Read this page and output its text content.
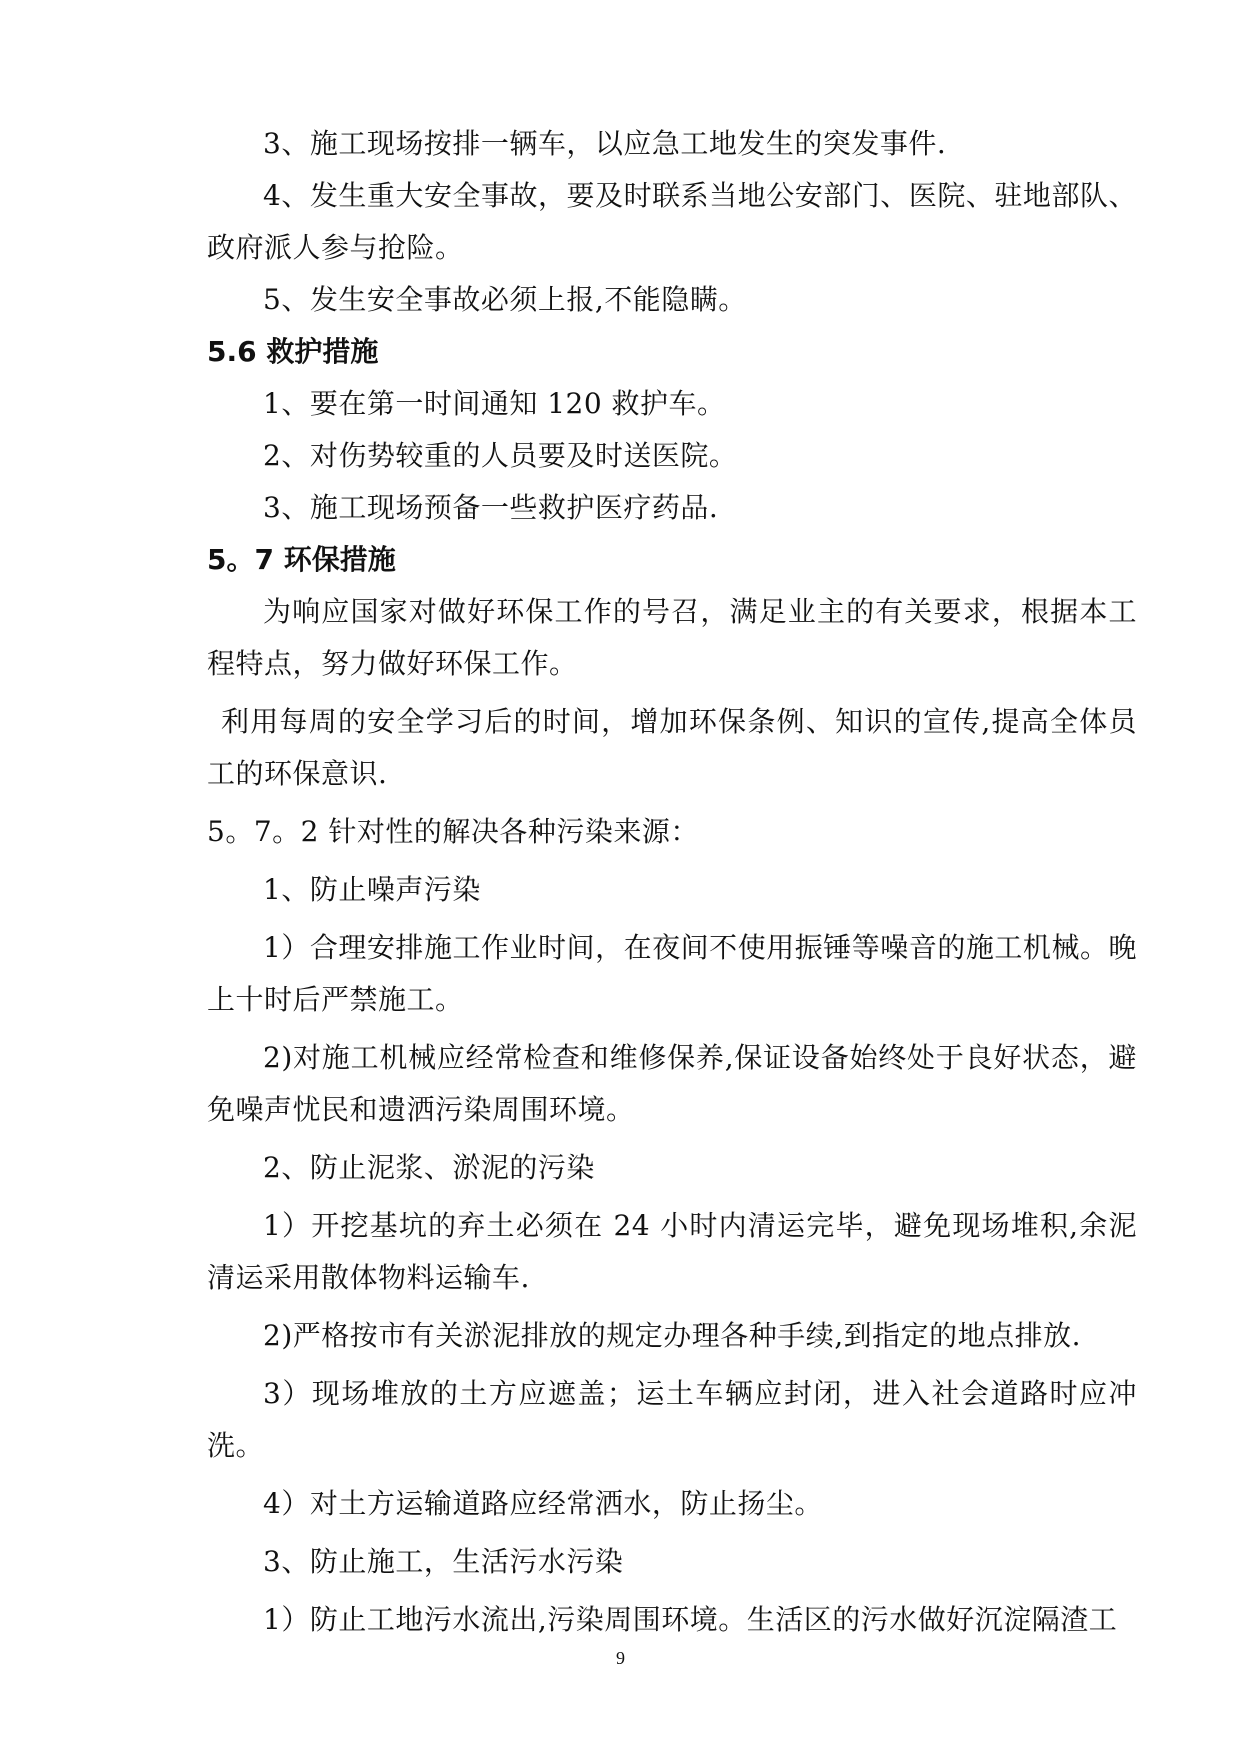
3、施工现场按排一辆车，以应急工地发生的突发事件.

4、发生重大安全事故，要及时联系当地公安部门、医院、驻地部队、政府派人参与抢险。

5、发生安全事故必须上报,不能隐瞒。

5.6 救护措施

1、要在第一时间通知 120 救护车。

2、对伤势较重的人员要及时送医院。

3、施工现场预备一些救护医疗药品.

5。7 环保措施

为响应国家对做好环保工作的号召，满足业主的有关要求，根据本工程特点，努力做好环保工作。

利用每周的安全学习后的时间，增加环保条例、知识的宣传,提高全体员工的环保意识.

5。7。2 针对性的解决各种污染来源：

1、防止噪声污染

1）合理安排施工作业时间，在夜间不使用振锤等噪音的施工机械。晚上十时后严禁施工。

2)对施工机械应经常检查和维修保养,保证设备始终处于良好状态，避免噪声忧民和遗洒污染周围环境。

2、防止泥浆、淤泥的污染

1）开挖基坑的弃土必须在 24 小时内清运完毕，避免现场堆积,余泥清运采用散体物料运输车.

2)严格按市有关淤泥排放的规定办理各种手续,到指定的地点排放.

3）现场堆放的土方应遮盖；运土车辆应封闭，进入社会道路时应冲洗。

4）对土方运输道路应经常洒水，防止扬尘。

3、防止施工，生活污水污染

1）防止工地污水流出,污染周围环境。生活区的污水做好沉淀隔渣工

9
